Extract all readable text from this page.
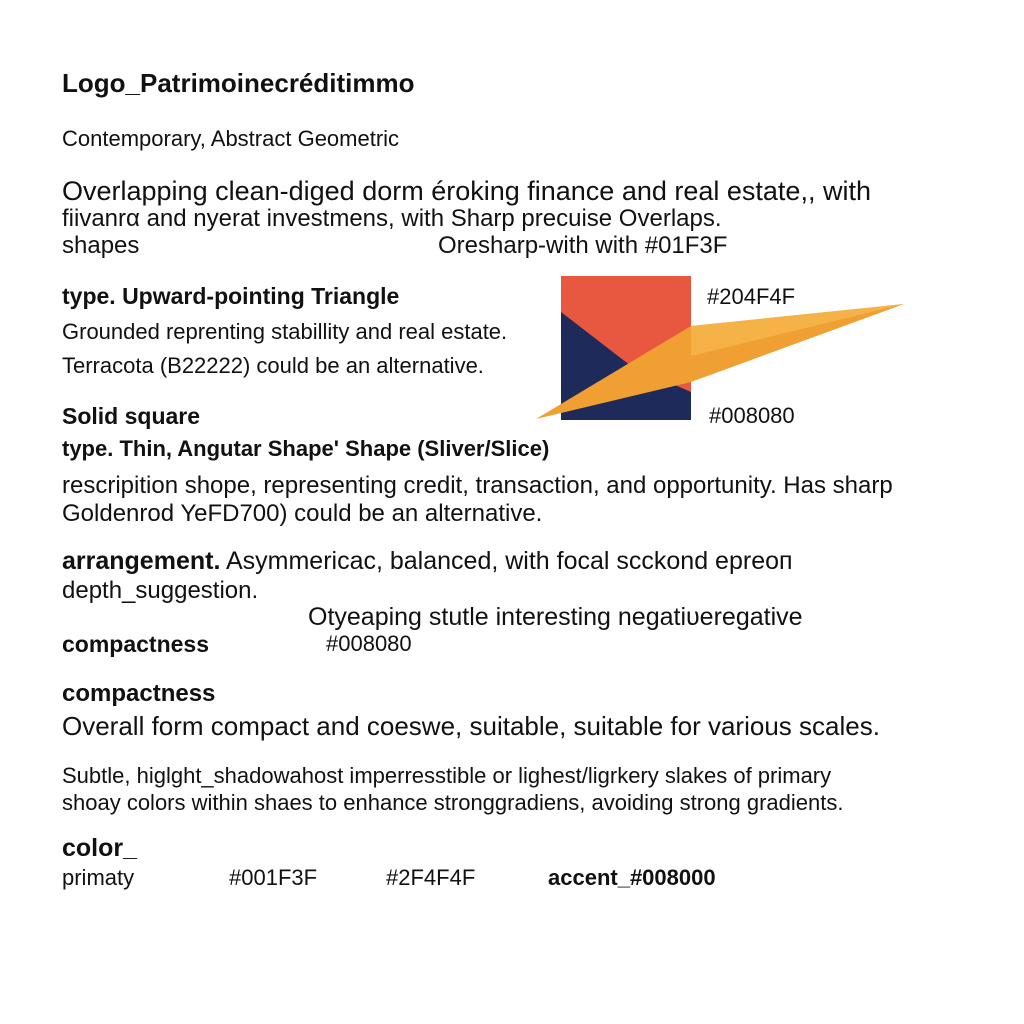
Logo_Patrimoinecréditimmo

Contemporary, Abstract Geometric

Overlapping clean-diged dorm éroking finance and real estate,, with

fiivanrα and nyerat investmens, with Sharp precuise Overlaps.

shapes	Oresharp-with with #01F3F

type. Upward-pointing Triangle

Grounded reprenting stabillity and real estate.

Terracota (B22222) could be an alternative.

#204F4F

#008080

Solid square

type. Thin, Angutar Shape' Shape (Sliver/Slice)

rescripition shope, representing credit, transaction, and opportunity. Has sharp

Goldenrod YeFD700) could be an alternative.

arrangement. Asymmericac, balanced, with focal sсckond epreoп

depth_suggestion.

Otyeaping stutle interesting negatiυeregative

compactness	#008080

compactness

Overall form compact and coeswe, suitable, suitable for various scales.

Subtle, higlght_shadowahost imperresstible or lighest/ligrkery slakes of primary

shoay colors within shaes to enhance stronggradiens, avoiding strong gradients.

color_

primaty	#001F3F	#2F4F4F	accent_#008000
